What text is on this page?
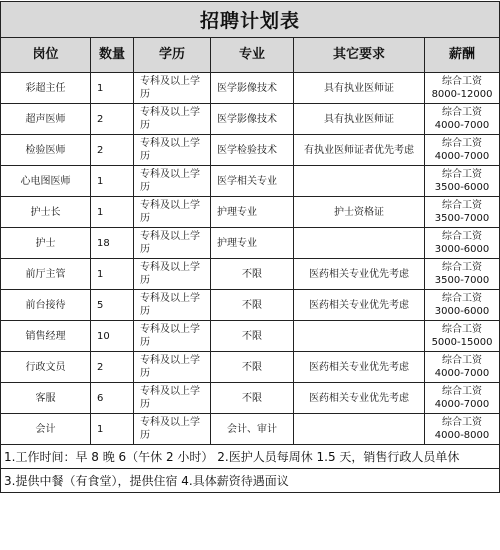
招聘计划表					
岗位	数量	学历	专业	其它要求	薪酬
彩超主任	1	专科及以上学历	医学影像技术	具有执业医师证	综合工资 8000-12000
超声医师	2	专科及以上学历	医学影像技术	具有执业医师证	综合工资 4000-7000
检验医师	2	专科及以上学历	医学检验技术	有执业医师证者优先考虑	综合工资 4000-7000
心电图医师	1	专科及以上学历	医学相关专业		综合工资 3500-6000
护士长	1	专科及以上学历	护理专业	护士资格证	综合工资 3500-7000
护士	18	专科及以上学历	护理专业		综合工资 3000-6000
前厅主管	1	专科及以上学历	不限	医药相关专业优先考虑	综合工资 3500-7000
前台接待	5	专科及以上学历	不限	医药相关专业优先考虑	综合工资 3000-6000
销售经理	10	专科及以上学历	不限		综合工资 5000-15000
行政文员	2	专科及以上学历	不限	医药相关专业优先考虑	综合工资 4000-7000
客服	6	专科及以上学历	不限	医药相关专业优先考虑	综合工资 4000-7000
会计	1	专科及以上学历	会计、审计		综合工资 4000-8000
1.工作时间：早 8 晚 6（午休 2 小时） 2.医护人员每周休 1.5 天，销售行政人员单休					
3.提供中餐（有食堂），提供住宿 4.具体薪资待遇面议					
